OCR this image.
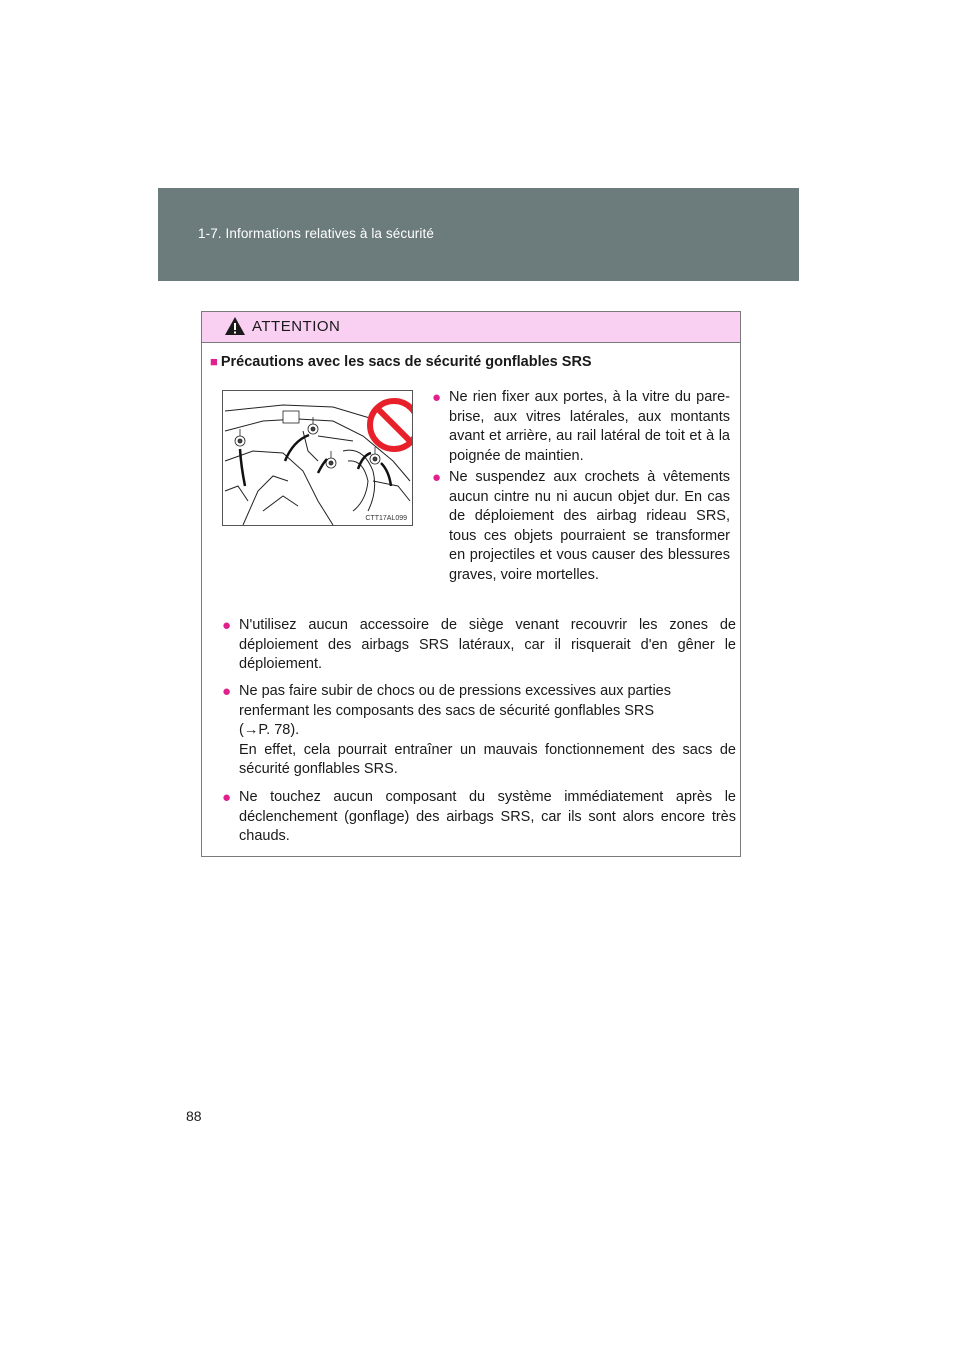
1-7. Informations relatives à la sécurité
ATTENTION
■ Précautions avec les sacs de sécurité gonflables SRS
CTT17AL099
● Ne rien fixer aux portes, à la vitre du pare-brise, aux vitres latérales, aux montants avant et arrière, au rail latéral de toit et à la poignée de maintien.
● Ne suspendez aux crochets à vêtements aucun cintre nu ni aucun objet dur. En cas de déploiement des airbag rideau SRS, tous ces objets pourraient se transformer en projectiles et vous causer des blessures graves, voire mortelles.
● N'utilisez aucun accessoire de siège venant recouvrir les zones de déploiement des airbags SRS latéraux, car il risquerait d'en gêner le déploiement.
● Ne pas faire subir de chocs ou de pressions excessives aux parties renfermant les composants des sacs de sécurité gonflables SRS
(→P. 78).
En effet, cela pourrait entraîner un mauvais fonctionnement des sacs de sécurité gonflables SRS.
● Ne touchez aucun composant du système immédiatement après le déclenchement (gonflage) des airbags SRS, car ils sont alors encore très chauds.
88
